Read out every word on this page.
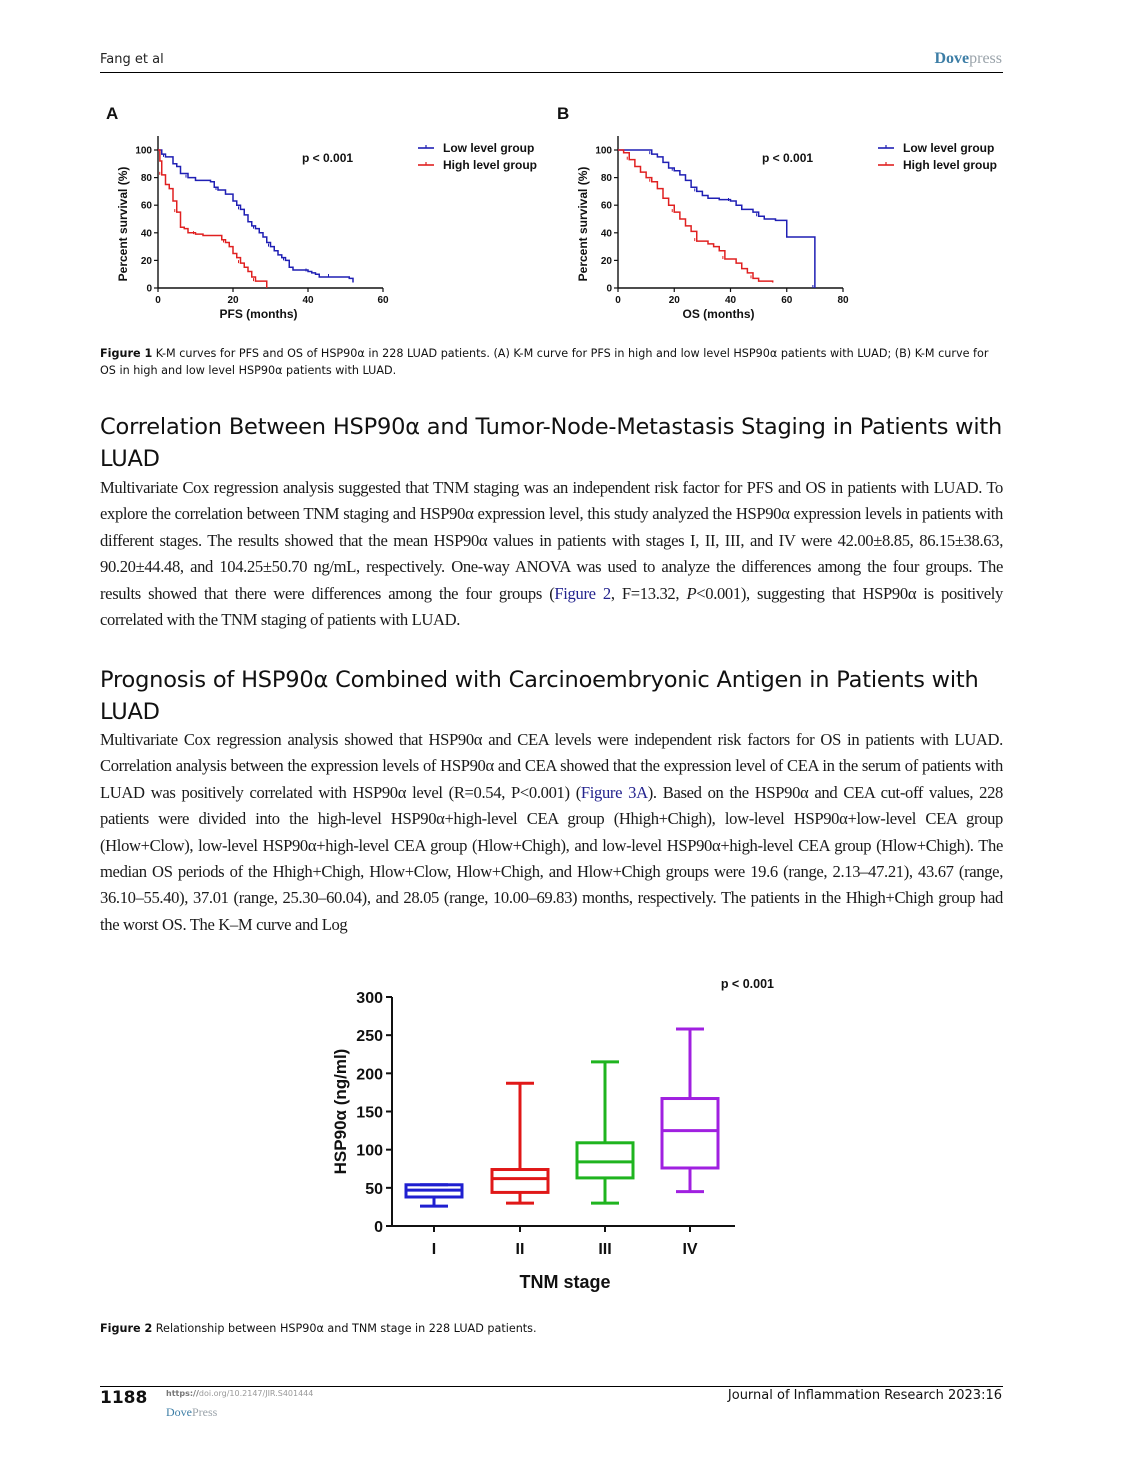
Fang et al	Dovepress
A	B
0
20
40
60
80
100
0	20	40	60
PFS (months)
Percent survival (%)
p < 0.001
Low level group
High level group
0
20
40
60
80
100
0	20	40	60	80
OS (months)
Percent survival (%)
p < 0.001
Low level group
High level group
Figure 1 K-M curves for PFS and OS of HSP90α in 228 LUAD patients. (A) K-M curve for PFS in high and low level HSP90α patients with LUAD; (B) K-M curve for OS in high and low level HSP90α patients with LUAD.
Correlation Between HSP90α and Tumor-Node-Metastasis Staging in Patients with LUAD

Multivariate Cox regression analysis suggested that TNM staging was an independent risk factor for PFS and OS in patients with LUAD. To explore the correlation between TNM staging and HSP90α expression level, this study analyzed the HSP90α expression levels in patients with different stages. The results showed that the mean HSP90α values in patients with stages I, II, III, and IV were 42.00±8.85, 86.15±38.63, 90.20±44.48, and 104.25±50.70 ng/mL, respectively. One-way ANOVA was used to analyze the differences among the four groups. The results showed that there were differences among the four groups (Figure 2, F=13.32, P<0.001), suggesting that HSP90α is positively correlated with the TNM staging of patients with LUAD.

Prognosis of HSP90α Combined with Carcinoembryonic Antigen in Patients with LUAD

Multivariate Cox regression analysis showed that HSP90α and CEA levels were independent risk factors for OS in patients with LUAD. Correlation analysis between the expression levels of HSP90α and CEA showed that the expression level of CEA in the serum of patients with LUAD was positively correlated with HSP90α level (R=0.54, P<0.001) (Figure 3A). Based on the HSP90α and CEA cut-off values, 228 patients were divided into the high-level HSP90α+high-level CEA group (Hhigh+Chigh), low-level HSP90α+low-level CEA group (Hlow+Clow), low-level HSP90α+high-level CEA group (Hlow+Chigh), and low-level HSP90α+high-level CEA group (Hlow+Chigh). The median OS periods of the Hhigh+Chigh, Hlow+Clow, Hlow+Chigh, and Hlow+Chigh groups were 19.6 (range, 2.13–47.21), 43.67 (range, 36.10–55.40), 37.01 (range, 25.30–60.04), and 28.05 (range, 10.00–69.83) months, respectively. The patients in the Hhigh+Chigh group had the worst OS. The K–M curve and Log

0
50
100
150
200
250
300
I	II	III	IV
TNM stage
HSP90α (ng/ml)
p < 0.001
Figure 2 Relationship between HSP90α and TNM stage in 228 LUAD patients.
1188 https://doi.org/10.2147/JIR.S401444
DovePress
Journal of Inflammation Research 2023:16
